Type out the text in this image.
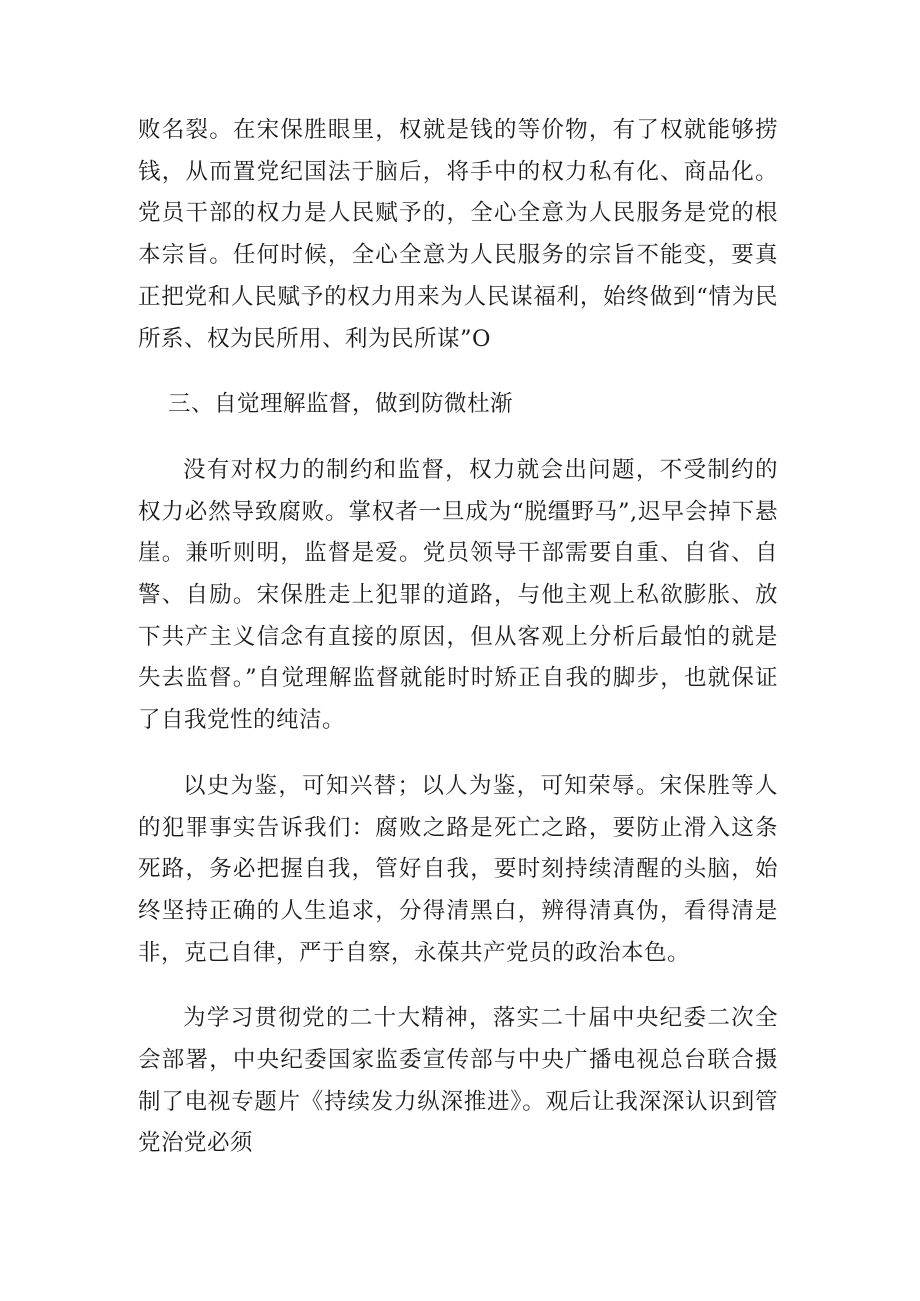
败名裂。在宋保胜眼里，权就是钱的等价物，有了权就能够捞钱，从而置党纪国法于脑后，将手中的权力私有化、商品化。党员干部的权力是人民赋予的，全心全意为人民服务是党的根本宗旨。任何时候，全心全意为人民服务的宗旨不能变，要真正把党和人民赋予的权力用来为人民谋福利，始终做到“情为民所系、权为民所用、利为民所谋”O

三、自觉理解监督，做到防微杜渐

没有对权力的制约和监督，权力就会出问题，不受制约的权力必然导致腐败。掌权者一旦成为“脱缰野马”,迟早会掉下悬崖。兼听则明，监督是爱。党员领导干部需要自重、自省、自警、自励。宋保胜走上犯罪的道路，与他主观上私欲膨胀、放下共产主义信念有直接的原因，但从客观上分析后最怕的就是失去监督。”自觉理解监督就能时时矫正自我的脚步，也就保证了自我党性的纯洁。

以史为鉴，可知兴替；以人为鉴，可知荣辱。宋保胜等人的犯罪事实告诉我们：腐败之路是死亡之路，要防止滑入这条死路，务必把握自我，管好自我，要时刻持续清醒的头脑，始终坚持正确的人生追求，分得清黑白，辨得清真伪，看得清是非，克己自律，严于自察，永葆共产党员的政治本色。

为学习贯彻党的二十大精神，落实二十届中央纪委二次全会部署，中央纪委国家监委宣传部与中央广播电视总台联合摄制了电视专题片《持续发力纵深推进》。观后让我深深认识到管党治党必须
